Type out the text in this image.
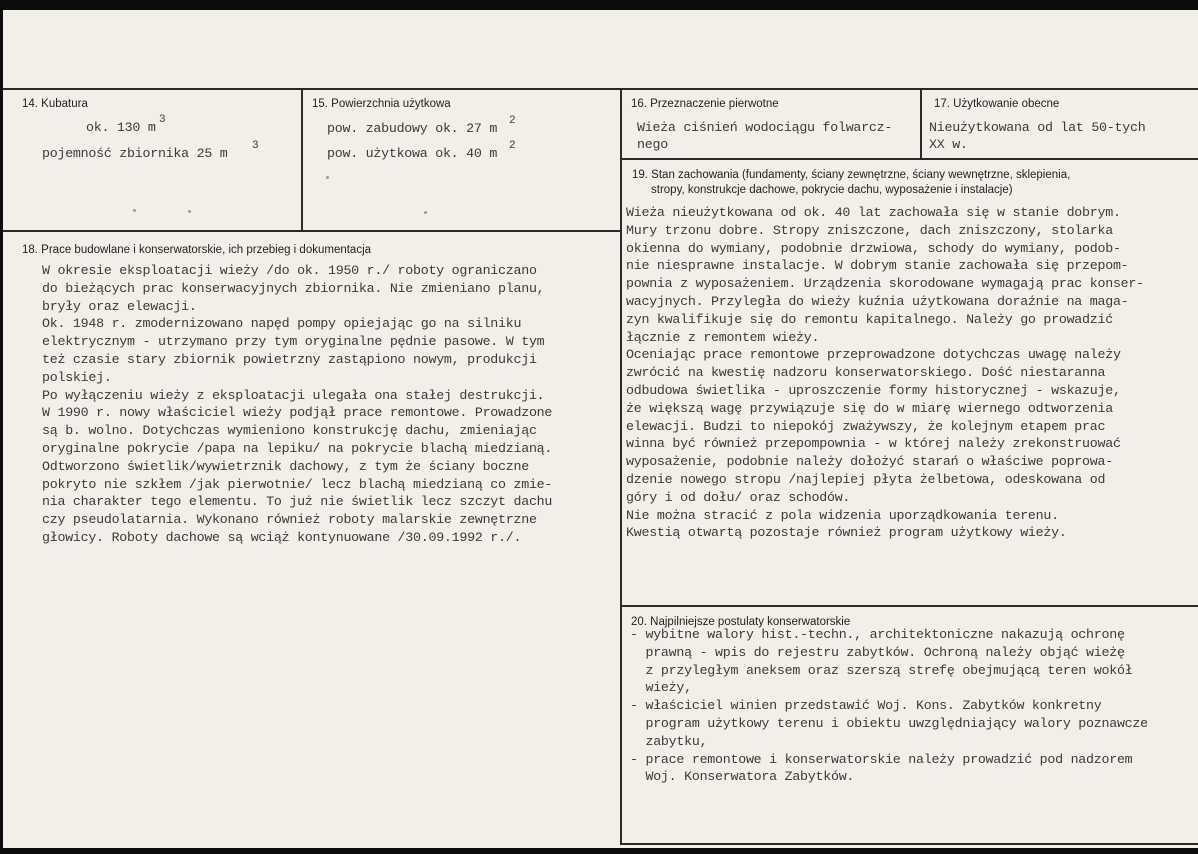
14. Kubatura
ok. 130 m 3
pojemność zbiornika 25 m 3
15. Powierzchnia użytkowa
pow. zabudowy ok. 27 m 2
pow. użytkowa ok. 40 m 2
16. Przeznaczenie pierwotne
Wieża ciśnień wodociągu folwarcz-
nego
17. Użytkowanie obecne
Nieużytkowana od lat 50-tych
XX w.
18. Prace budowlane i konserwatorskie, ich przebieg i dokumentacja
W okresie eksploatacji wieży /do ok. 1950 r./ roboty ograniczano
do bieżących prac konserwacyjnych zbiornika. Nie zmieniano planu,
bryły oraz elewacji.
Ok. 1948 r. zmodernizowano napęd pompy opiejając go na silniku
elektrycznym - utrzymano przy tym oryginalne pędnie pasowe. W tym
też czasie stary zbiornik powietrzny zastąpiono nowym, produkcji
polskiej.
Po wyłączeniu wieży z eksploatacji ulegała ona stałej destrukcji.
W 1990 r. nowy właściciel wieży podjął prace remontowe. Prowadzone
są b. wolno. Dotychczas wymieniono konstrukcję dachu, zmieniając
oryginalne pokrycie /papa na lepiku/ na pokrycie blachą miedzianą.
Odtworzono świetlik/wywietrznik dachowy, z tym że ściany boczne
pokryto nie szkłem /jak pierwotnie/ lecz blachą miedzianą co zmie-
nia charakter tego elementu. To już nie świetlik lecz szczyt dachu
czy pseudolatarnia. Wykonano również roboty malarskie zewnętrzne
głowicy. Roboty dachowe są wciąż kontynuowane /30.09.1992 r./.
19. Stan zachowania (fundamenty, ściany zewnętrzne, ściany wewnętrzne, sklepienia,
stropy, konstrukcje dachowe, pokrycie dachu, wyposażenie i instalacje)
Wieża nieużytkowana od ok. 40 lat zachowała się w stanie dobrym.
Mury trzonu dobre. Stropy zniszczone, dach zniszczony, stolarka
okienna do wymiany, podobnie drzwiowa, schody do wymiany, podob-
nie niesprawne instalacje. W dobrym stanie zachowała się przepom-
pownia z wyposażeniem. Urządzenia skorodowane wymagają prac konser-
wacyjnych. Przyległa do wieży kuźnia użytkowana doraźnie na maga-
zyn kwalifikuje się do remontu kapitalnego. Należy go prowadzić
łącznie z remontem wieży.
Oceniając prace remontowe przeprowadzone dotychczas uwagę należy
zwrócić na kwestię nadzoru konserwatorskiego. Dość niestaranna
odbudowa świetlika - uproszczenie formy historycznej - wskazuje,
że większą wagę przywiązuje się do w miarę wiernego odtworzenia
elewacji. Budzi to niepokój zważywszy, że kolejnym etapem prac
winna być również przepompownia - w której należy zrekonstruować
wyposażenie, podobnie należy dołożyć starań o właściwe poprowa-
dzenie nowego stropu /najlepiej płyta żelbetowa, odeskowana od
góry i od dołu/ oraz schodów.
Nie można stracić z pola widzenia uporządkowania terenu.
Kwestią otwartą pozostaje również program użytkowy wieży.
20. Najpilniejsze postulaty konserwatorskie
- wybitne walory hist.-techn., architektoniczne nakazują ochronę
prawną - wpis do rejestru zabytków. Ochroną należy objąć wieżę
z przyległym aneksem oraz szerszą strefę obejmującą teren wokół
wieży,
- właściciel winien przedstawić Woj. Kons. Zabytków konkretny
program użytkowy terenu i obiektu uwzględniający walory poznawcze
zabytku,
- prace remontowe i konserwatorskie należy prowadzić pod nadzorem
Woj. Konserwatora Zabytków.
